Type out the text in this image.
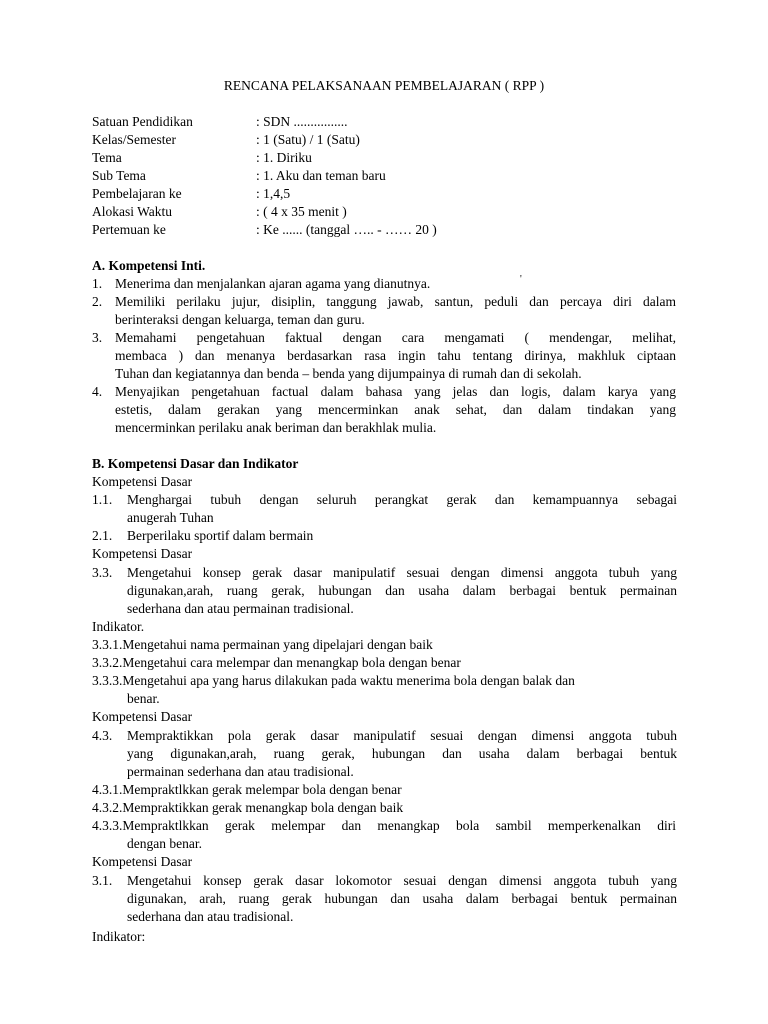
RENCANA PELAKSANAAN PEMBELAJARAN ( RPP )
Satuan Pendidikan	: SDN ................
Kelas/Semester	: 1 (Satu) / 1 (Satu)
Tema	: 1. Diriku
Sub Tema	: 1. Aku dan teman baru
Pembelajaran ke	: 1,4,5
Alokasi Waktu	: ( 4 x 35 menit )
Pertemuan ke	: Ke ...... (tanggal ….. - …… 20 )
A. Kompetensi Inti.
'
1. Menerima dan menjalankan ajaran agama yang dianutnya.
2. Memiliki perilaku jujur, disiplin, tanggung jawab, santun, peduli dan percaya diri dalam
berinteraksi dengan keluarga, teman dan guru.
3. Memahami pengetahuan faktual dengan cara mengamati ( mendengar, melihat,
membaca ) dan menanya berdasarkan rasa ingin tahu tentang dirinya, makhluk ciptaan
Tuhan dan kegiatannya dan benda – benda yang dijumpainya di rumah dan di sekolah.
4. Menyajikan pengetahuan factual dalam bahasa yang jelas dan logis, dalam karya yang
estetis, dalam gerakan yang mencerminkan anak sehat, dan dalam tindakan yang
mencerminkan perilaku anak beriman dan berakhlak mulia.
B. Kompetensi Dasar dan Indikator
Kompetensi Dasar
1.1. Menghargai tubuh dengan seluruh perangkat gerak dan kemampuannya sebagai
anugerah Tuhan
2.1. Berperilaku sportif dalam bermain
Kompetensi Dasar
3.3. Mengetahui konsep gerak dasar manipulatif sesuai dengan dimensi anggota tubuh yang
digunakan,arah, ruang gerak, hubungan dan usaha dalam berbagai bentuk permainan
sederhana dan atau permainan tradisional.
Indikator.
3.3.1.Mengetahui nama permainan yang dipelajari dengan baik
3.3.2.Mengetahui cara melempar dan menangkap bola dengan benar
3.3.3.Mengetahui apa yang harus dilakukan pada waktu menerima bola dengan balak dan
benar.
Kompetensi Dasar
4.3. Mempraktikkan pola gerak dasar manipulatif sesuai dengan dimensi anggota tubuh
yang digunakan,arah, ruang gerak, hubungan dan usaha dalam berbagai bentuk
permainan sederhana dan atau tradisional.
4.3.1.Mempraktlkkan gerak melempar bola dengan benar
4.3.2.Mempraktikkan gerak menangkap bola dengan baik
4.3.3.Mempraktlkkan gerak melempar dan menangkap bola sambil memperkenalkan diri
dengan benar.
Kompetensi Dasar
3.1. Mengetahui konsep gerak dasar lokomotor sesuai dengan dimensi anggota tubuh yang
digunakan, arah, ruang gerak hubungan dan usaha dalam berbagai bentuk permainan
sederhana dan atau tradisional.
Indikator:
